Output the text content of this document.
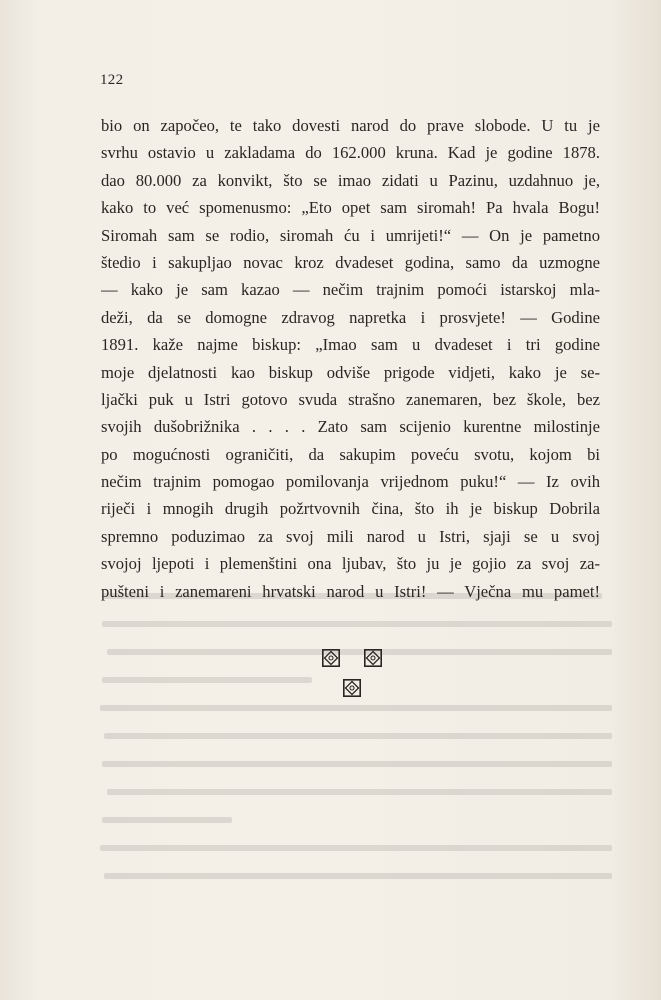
122
bio on započeo, te tako dovesti narod do prave slobode. U tu je
svrhu ostavio u zakladama do 162.000 kruna. Kad je godine 1878.
dao 80.000 za konvikt, što se imao zidati u Pazinu, uzdahnuo je,
kako to već spomenusmo: „Eto opet sam siromah! Pa hvala Bogu!
Siromah sam se rodio, siromah ću i umrijeti!“ — On je pametno
štedio i sakupljao novac kroz dvadeset godina, samo da uzmogne
— kako je sam kazao — nečim trajnim pomoći istarskoj mla-
deži, da se domogne zdravog napretka i prosvjete! — Godine
1891. kaže najme biskup: „Imao sam u dvadeset i tri godine
moje djelatnosti kao biskup odviše prigode vidjeti, kako je se-
ljački puk u Istri gotovo svuda strašno zanemaren, bez škole, bez
svojih dušobrižnika . . . . Zato sam scijenio kurentne milostinje
po mogućnosti ograničiti, da sakupim poveću svotu, kojom bi
nečim trajnim pomogao pomilovanja vrijednom puku!“ — Iz ovih
riječi i mnogih drugih požrtvovnih čina, što ih je biskup Dobrila
spremno poduzimao za svoj mili narod u Istri, sjaji se u svoj
svojoj ljepoti i plemenštini ona ljubav, što ju je gojio za svoj za-
pušteni i zanemareni hrvatski narod u Istri! — Vječna mu pamet!
